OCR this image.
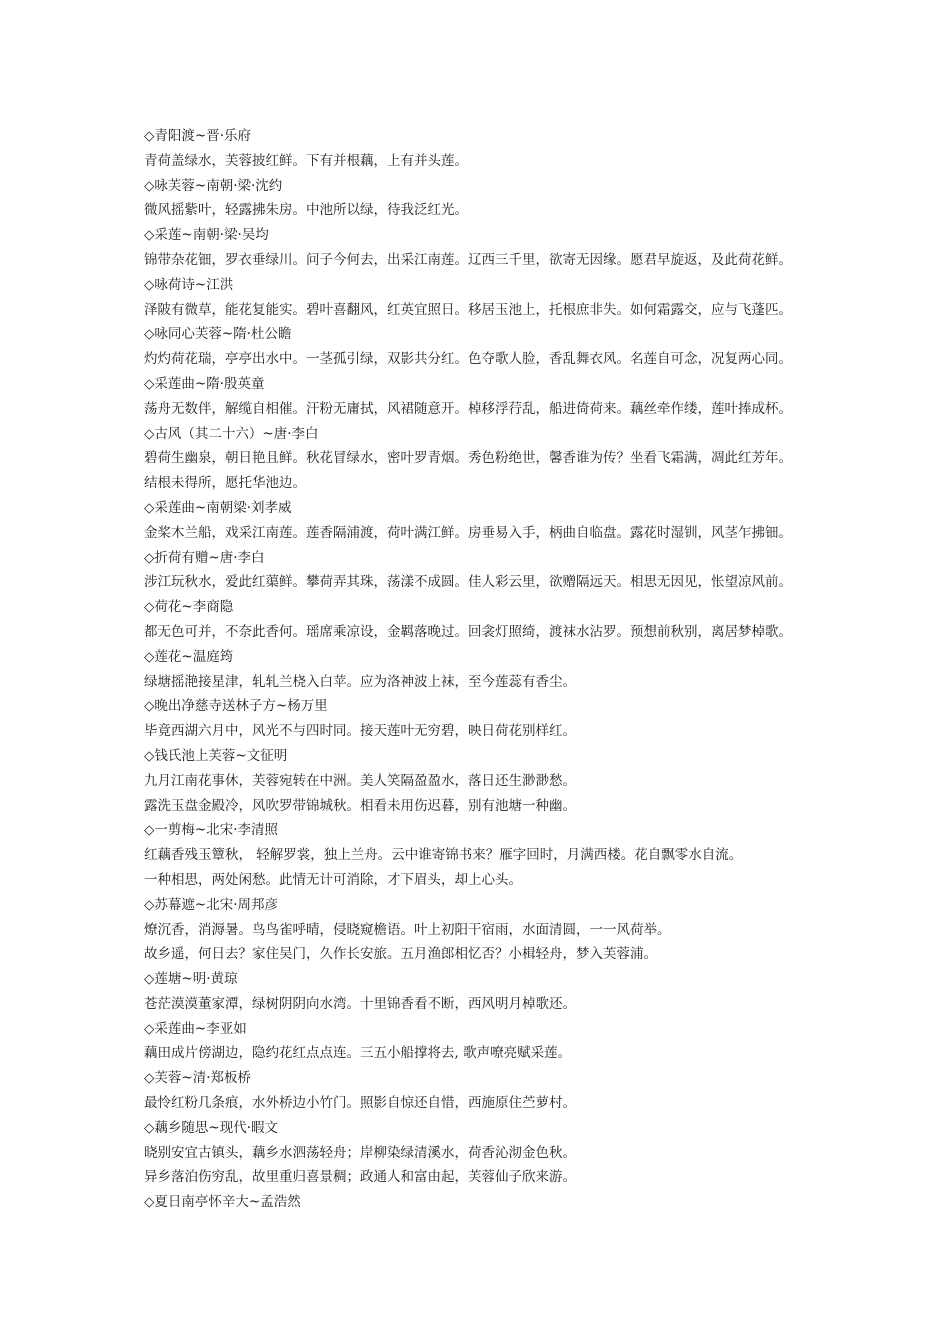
◇青阳渡~晋·乐府
青荷盖绿水，芙蓉披红鲜。下有并根藕，上有并头莲。
◇咏芙蓉~南朝·梁·沈约
微风摇紫叶，轻露拂朱房。中池所以绿，待我泛红光。
◇采莲~南朝·梁·吴均
锦带杂花钿，罗衣垂绿川。问子今何去，出采江南莲。辽西三千里，欲寄无因缘。愿君早旋返，及此荷花鲜。
◇咏荷诗~江洪
泽陂有微草，能花复能实。碧叶喜翻风，红英宜照日。移居玉池上，托根庶非失。如何霜露交，应与飞蓬匹。
◇咏同心芙蓉~隋·杜公瞻
灼灼荷花瑞，亭亭出水中。一茎孤引绿，双影共分红。色夺歌人脸，香乱舞衣风。名莲自可念，况复两心同。
◇采莲曲~隋·殷英童
荡舟无数伴，解缆自相催。汗粉无庸拭，风裙随意开。棹移浮荇乱，船进倚荷来。藕丝牵作缕，莲叶捧成杯。
◇古风（其二十六）~唐·李白
碧荷生幽泉，朝日艳且鲜。秋花冒绿水，密叶罗青烟。秀色粉绝世，馨香谁为传？坐看飞霜满，凋此红芳年。
结根未得所，愿托华池边。
◇采莲曲~南朝梁·刘孝威
金桨木兰船，戏采江南莲。莲香隔浦渡，荷叶满江鲜。房垂易入手，柄曲自临盘。露花时湿钏，风茎乍拂钿。
◇折荷有赠~唐·李白
涉江玩秋水，爱此红蕖鲜。攀荷弄其珠，荡漾不成圆。佳人彩云里，欲赠隔远天。相思无因见，怅望凉风前。
◇荷花~李商隐
都无色可并，不奈此香何。瑶席乘凉设，金羁落晚过。回衾灯照绮，渡袜水沾罗。预想前秋别，离居梦棹歌。
◇莲花~温庭筠
绿塘摇滟接星津，轧轧兰桡入白苹。应为洛神波上袜，至今莲蕊有香尘。
◇晚出净慈寺送林子方~杨万里
毕竟西湖六月中，风光不与四时同。接天莲叶无穷碧，映日荷花别样红。
◇钱氏池上芙蓉~文征明
九月江南花事休，芙蓉宛转在中洲。美人笑隔盈盈水，落日还生渺渺愁。
露洗玉盘金殿冷，风吹罗带锦城秋。相看未用伤迟暮，别有池塘一种幽。
◇一剪梅~北宋·李清照
红藕香残玉簟秋， 轻解罗裳，独上兰舟。云中谁寄锦书来？雁字回时，月满西楼。花自飘零水自流。
一种相思，两处闲愁。此情无计可消除，才下眉头，却上心头。
◇苏幕遮~北宋·周邦彦
燎沉香，消溽暑。鸟鸟雀呼晴，侵晓窥檐语。叶上初阳干宿雨，水面清圆，一一风荷举。
故乡遥，何日去？家住吴门，久作长安旅。五月渔郎相忆否？小楫轻舟，梦入芙蓉浦。
◇莲塘~明·黄琼
苍茫漠漠董家潭，绿树阴阴向水湾。十里锦香看不断，西风明月棹歌还。
◇采莲曲~李亚如
藕田成片傍湖边，隐约花红点点连。三五小船撑将去, 歌声嘹亮赋采莲。
◇芙蓉~清·郑板桥
最怜红粉几条痕，水外桥边小竹门。照影自惊还自惜，西施原住苎萝村。
◇藕乡随思~现代·暇文
晓别安宜古镇头，藕乡水泗荡轻舟；岸柳染绿清溪水，荷香沁沏金色秋。
异乡落泊伤穷乱，故里重归喜景稠；政通人和富由起，芙蓉仙子欣来游。
◇夏日南亭怀辛大~孟浩然
